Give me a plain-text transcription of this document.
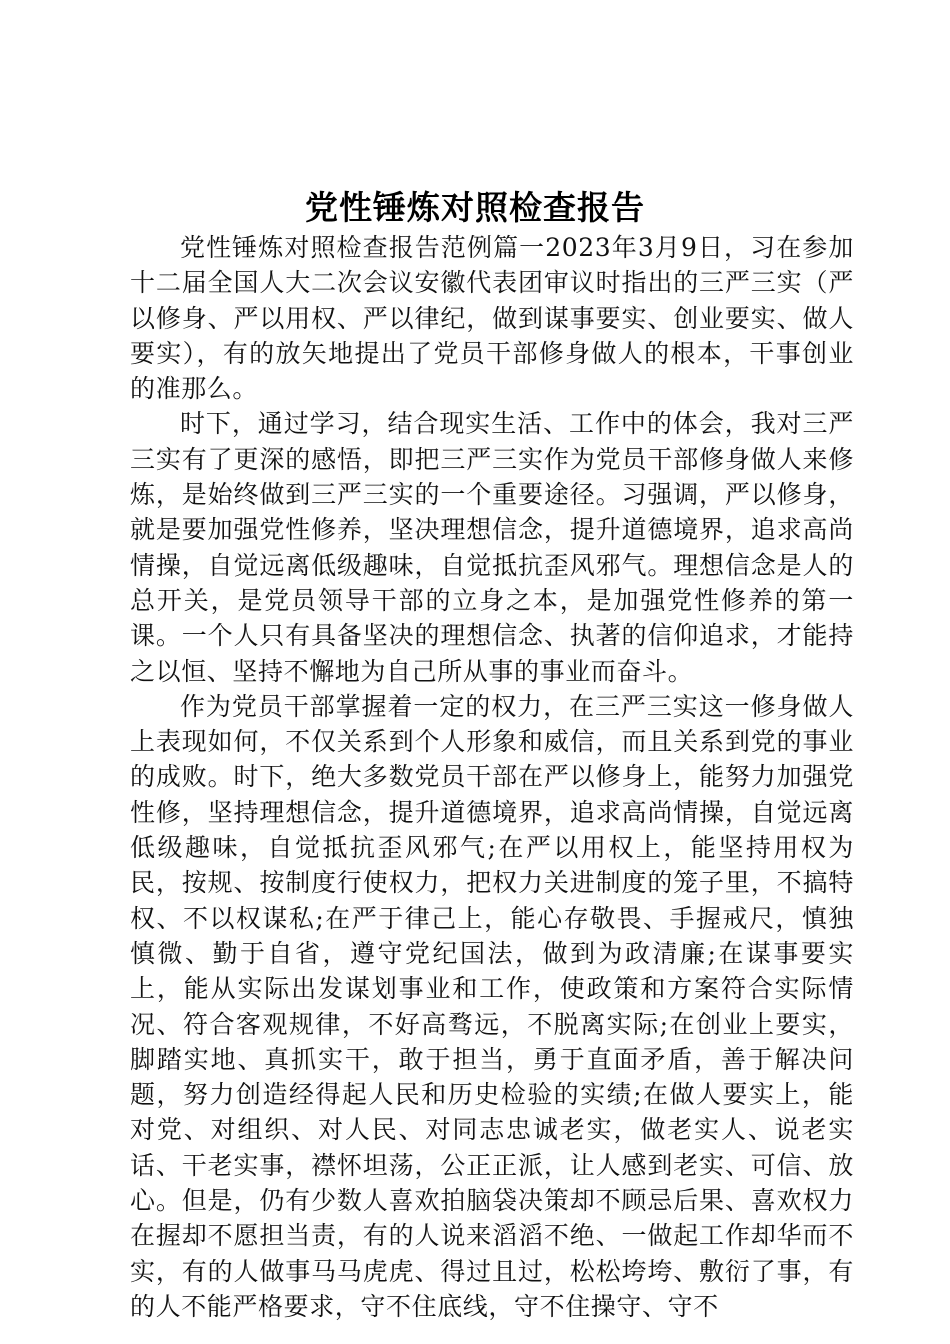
党性锤炼对照检查报告

党性锤炼对照检查报告范例篇一2023年3月9日，习在参加十二届全国人大二次会议安徽代表团审议时指出的三严三实（严以修身、严以用权、严以律纪，做到谋事要实、创业要实、做人要实），有的放矢地提出了党员干部修身做人的根本，干事创业的准那么。

时下，通过学习，结合现实生活、工作中的体会，我对三严三实有了更深的感悟，即把三严三实作为党员干部修身做人来修炼，是始终做到三严三实的一个重要途径。习强调，严以修身，就是要加强党性修养，坚决理想信念，提升道德境界，追求高尚情操，自觉远离低级趣味，自觉抵抗歪风邪气。理想信念是人的总开关，是党员领导干部的立身之本，是加强党性修养的第一课。一个人只有具备坚决的理想信念、执著的信仰追求，才能持之以恒、坚持不懈地为自己所从事的事业而奋斗。

作为党员干部掌握着一定的权力，在三严三实这一修身做人上表现如何，不仅关系到个人形象和威信，而且关系到党的事业的成败。时下，绝大多数党员干部在严以修身上，能努力加强党性修，坚持理想信念，提升道德境界，追求高尚情操，自觉远离低级趣味，自觉抵抗歪风邪气;在严以用权上，能坚持用权为民，按规、按制度行使权力，把权力关进制度的笼子里，不搞特权、不以权谋私;在严于律己上，能心存敬畏、手握戒尺，慎独慎微、勤于自省，遵守党纪国法，做到为政清廉;在谋事要实上，能从实际出发谋划事业和工作，使政策和方案符合实际情况、符合客观规律，不好高骛远，不脱离实际;在创业上要实，脚踏实地、真抓实干，敢于担当，勇于直面矛盾，善于解决问题，努力创造经得起人民和历史检验的实绩;在做人要实上，能对党、对组织、对人民、对同志忠诚老实，做老实人、说老实话、干老实事，襟怀坦荡，公正正派，让人感到老实、可信、放心。但是，仍有少数人喜欢拍脑袋决策却不顾忌后果、喜欢权力在握却不愿担当责，有的人说来滔滔不绝、一做起工作却华而不实，有的人做事马马虎虎、得过且过，松松垮垮、敷衍了事，有的人不能严格要求，守不住底线，守不住操守、守不
